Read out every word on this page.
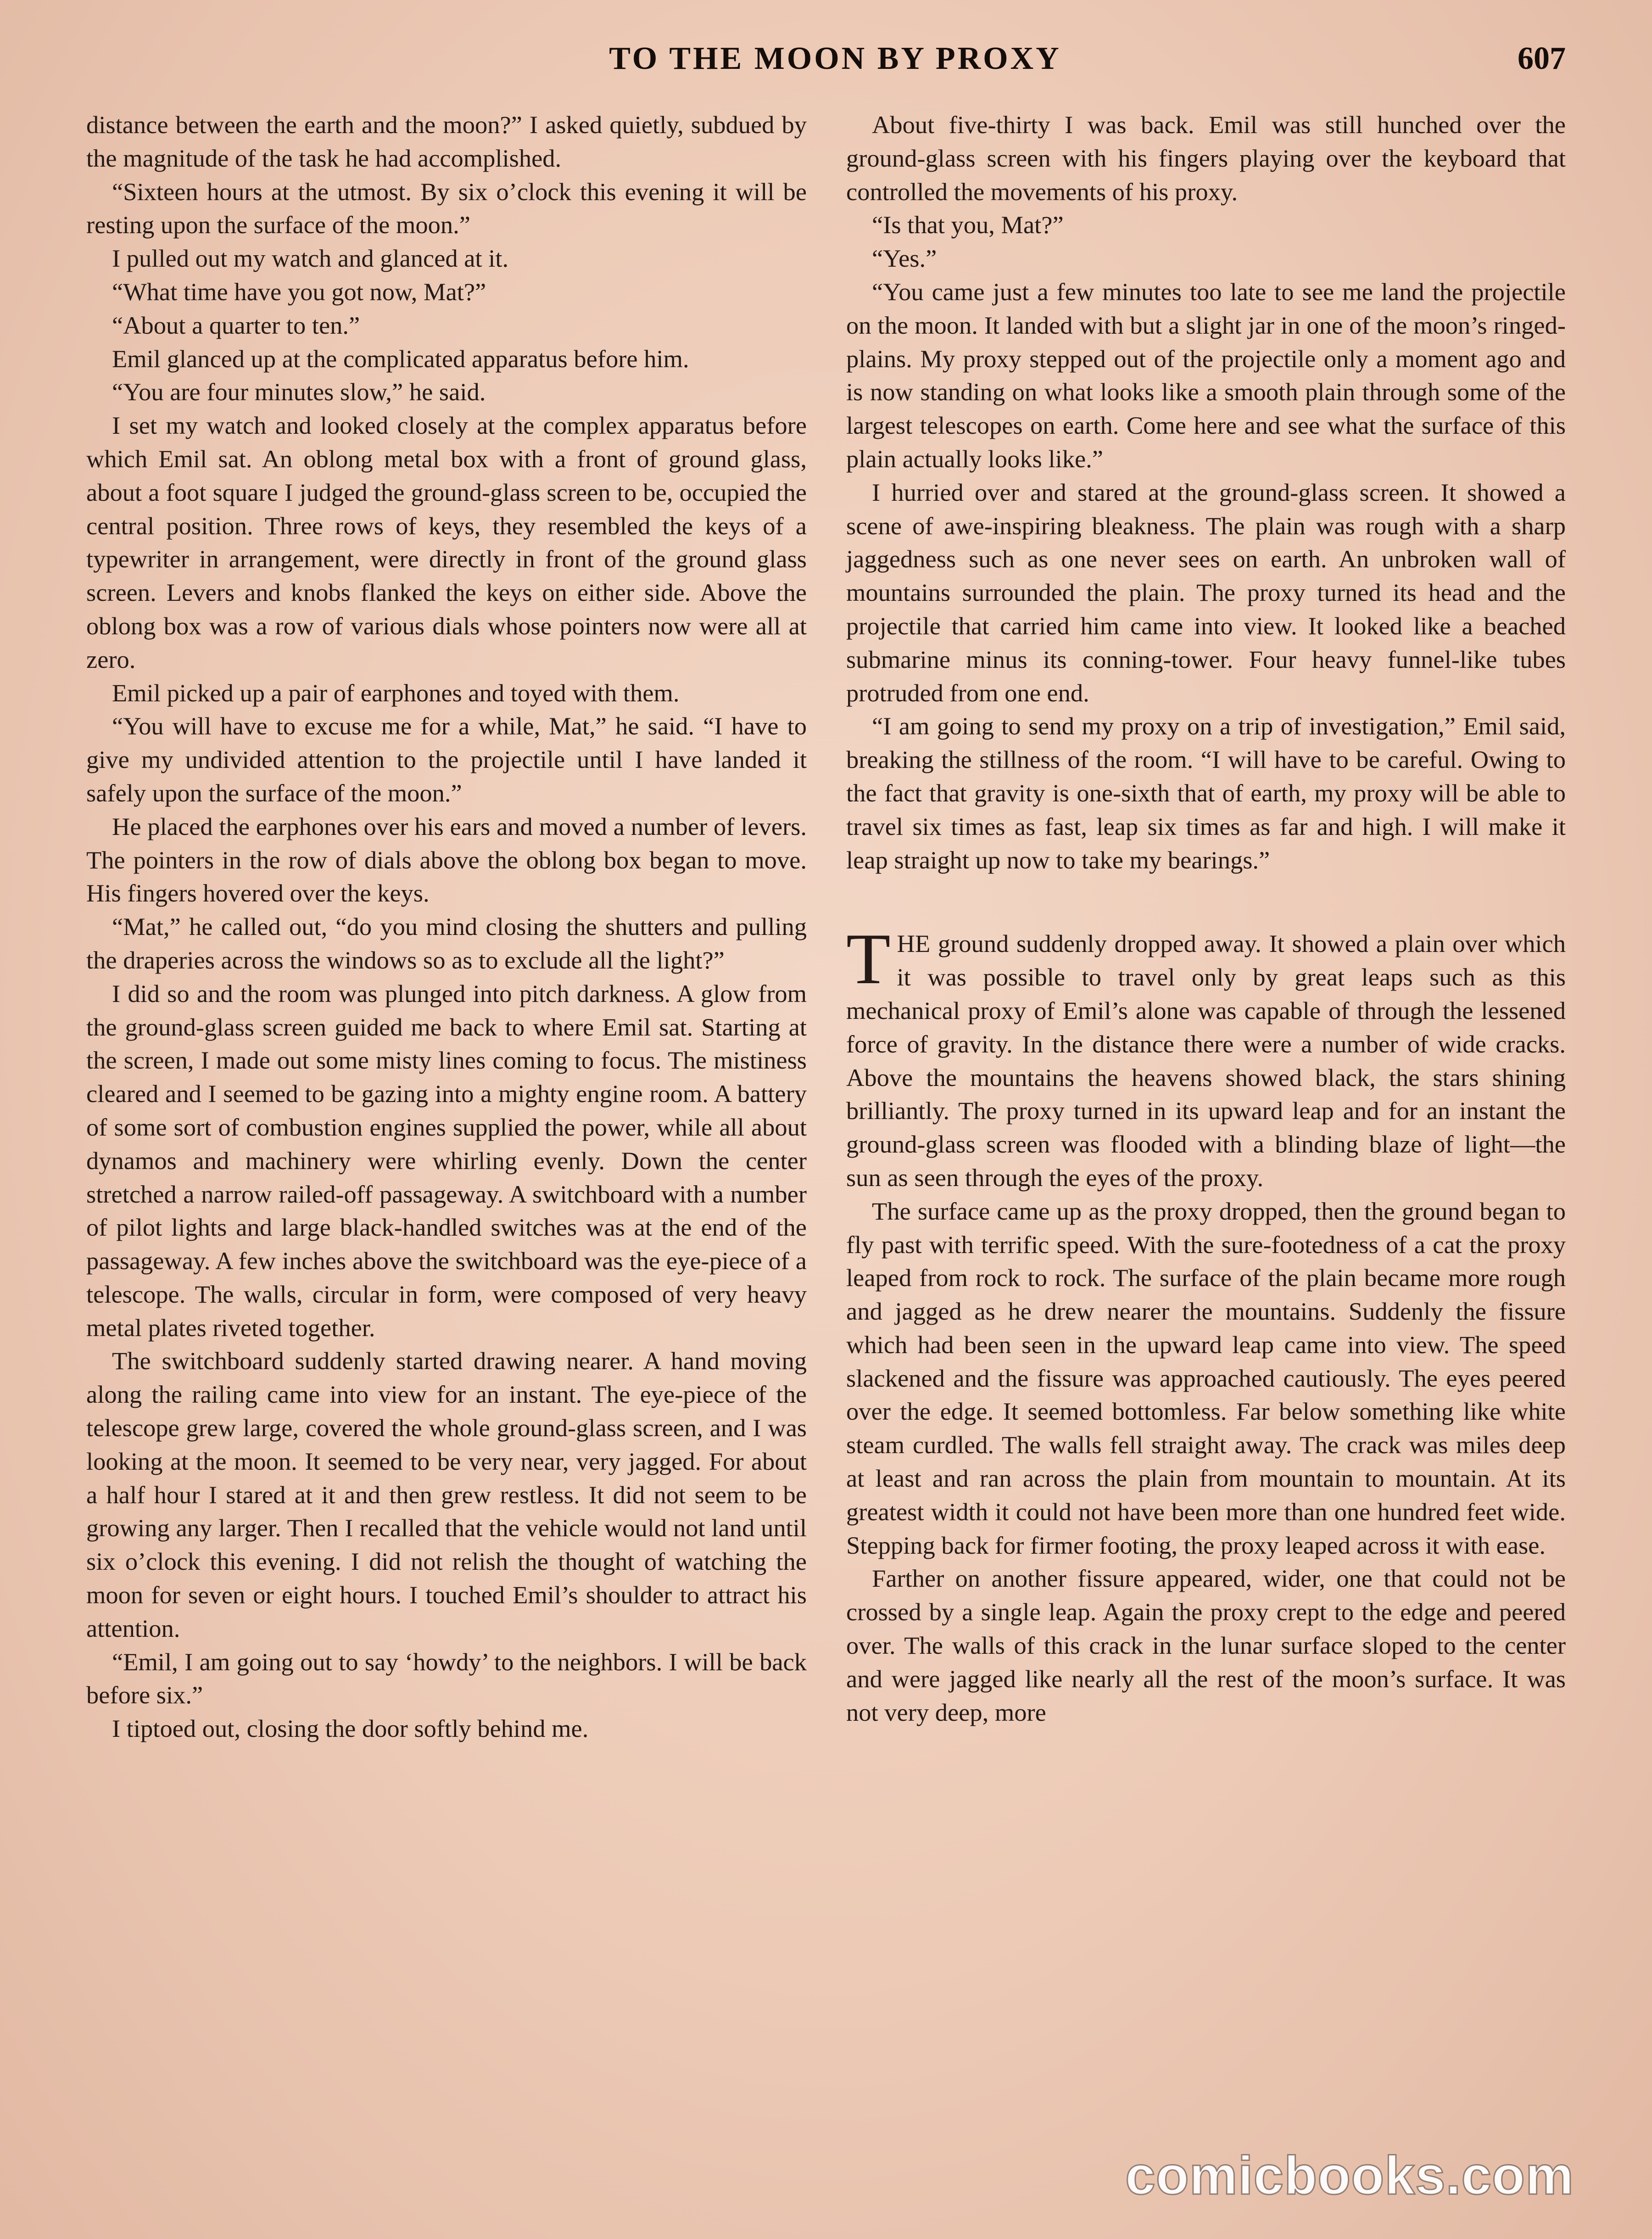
TO THE MOON BY PROXY	607

distance between the earth and the moon?” I asked quietly, subdued by the magnitude of the task he had accomplished.

“Sixteen hours at the utmost. By six o’clock this evening it will be resting upon the surface of the moon.”

I pulled out my watch and glanced at it.

“What time have you got now, Mat?”

“About a quarter to ten.”

Emil glanced up at the complicated apparatus before him.

“You are four minutes slow,” he said.

I set my watch and looked closely at the complex apparatus before which Emil sat. An oblong metal box with a front of ground glass, about a foot square I judged the ground-glass screen to be, occupied the central position. Three rows of keys, they resembled the keys of a typewriter in arrangement, were directly in front of the ground glass screen. Levers and knobs flanked the keys on either side. Above the oblong box was a row of various dials whose pointers now were all at zero.

Emil picked up a pair of earphones and toyed with them.

“You will have to excuse me for a while, Mat,” he said. “I have to give my undivided attention to the projectile until I have landed it safely upon the surface of the moon.”

He placed the earphones over his ears and moved a number of levers. The pointers in the row of dials above the oblong box began to move. His fingers hovered over the keys.

“Mat,” he called out, “do you mind closing the shutters and pulling the draperies across the windows so as to exclude all the light?”

I did so and the room was plunged into pitch darkness. A glow from the ground-glass screen guided me back to where Emil sat. Starting at the screen, I made out some misty lines coming to focus. The mistiness cleared and I seemed to be gazing into a mighty engine room. A battery of some sort of combustion engines supplied the power, while all about dynamos and machinery were whirling evenly. Down the center stretched a narrow railed-off passageway. A switchboard with a number of pilot lights and large black-handled switches was at the end of the passageway. A few inches above the switchboard was the eye-piece of a telescope. The walls, circular in form, were composed of very heavy metal plates riveted together.

The switchboard suddenly started drawing nearer. A hand moving along the railing came into view for an instant. The eye-piece of the telescope grew large, covered the whole ground-glass screen, and I was looking at the moon. It seemed to be very near, very jagged. For about a half hour I stared at it and then grew restless. It did not seem to be growing any larger. Then I recalled that the vehicle would not land until six o’clock this evening. I did not relish the thought of watching the moon for seven or eight hours. I touched Emil’s shoulder to attract his attention.

“Emil, I am going out to say ‘howdy’ to the neighbors. I will be back before six.”

I tiptoed out, closing the door softly behind me.

About five-thirty I was back. Emil was still hunched over the ground-glass screen with his fingers playing over the keyboard that controlled the movements of his proxy.

“Is that you, Mat?”

“Yes.”

“You came just a few minutes too late to see me land the projectile on the moon. It landed with but a slight jar in one of the moon’s ringed-plains. My proxy stepped out of the projectile only a moment ago and is now standing on what looks like a smooth plain through some of the largest telescopes on earth. Come here and see what the surface of this plain actually looks like.”

I hurried over and stared at the ground-glass screen. It showed a scene of awe-inspiring bleakness. The plain was rough with a sharp jaggedness such as one never sees on earth. An unbroken wall of mountains surrounded the plain. The proxy turned its head and the projectile that carried him came into view. It looked like a beached submarine minus its conning-tower. Four heavy funnel-like tubes protruded from one end.

“I am going to send my proxy on a trip of investigation,” Emil said, breaking the stillness of the room. “I will have to be careful. Owing to the fact that gravity is one-sixth that of earth, my proxy will be able to travel six times as fast, leap six times as far and high. I will make it leap straight up now to take my bearings.”

THE ground suddenly dropped away. It showed a plain over which it was possible to travel only by great leaps such as this mechanical proxy of Emil’s alone was capable of through the lessened force of gravity. In the distance there were a number of wide cracks. Above the mountains the heavens showed black, the stars shining brilliantly. The proxy turned in its upward leap and for an instant the ground-glass screen was flooded with a blinding blaze of light—the sun as seen through the eyes of the proxy.

The surface came up as the proxy dropped, then the ground began to fly past with terrific speed. With the sure-footedness of a cat the proxy leaped from rock to rock. The surface of the plain became more rough and jagged as he drew nearer the mountains. Suddenly the fissure which had been seen in the upward leap came into view. The speed slackened and the fissure was approached cautiously. The eyes peered over the edge. It seemed bottomless. Far below something like white steam curdled. The walls fell straight away. The crack was miles deep at least and ran across the plain from mountain to mountain. At its greatest width it could not have been more than one hundred feet wide. Stepping back for firmer footing, the proxy leaped across it with ease.

Farther on another fissure appeared, wider, one that could not be crossed by a single leap. Again the proxy crept to the edge and peered over. The walls of this crack in the lunar surface sloped to the center and were jagged like nearly all the rest of the moon’s surface. It was not very deep, more

comicbooks.com
